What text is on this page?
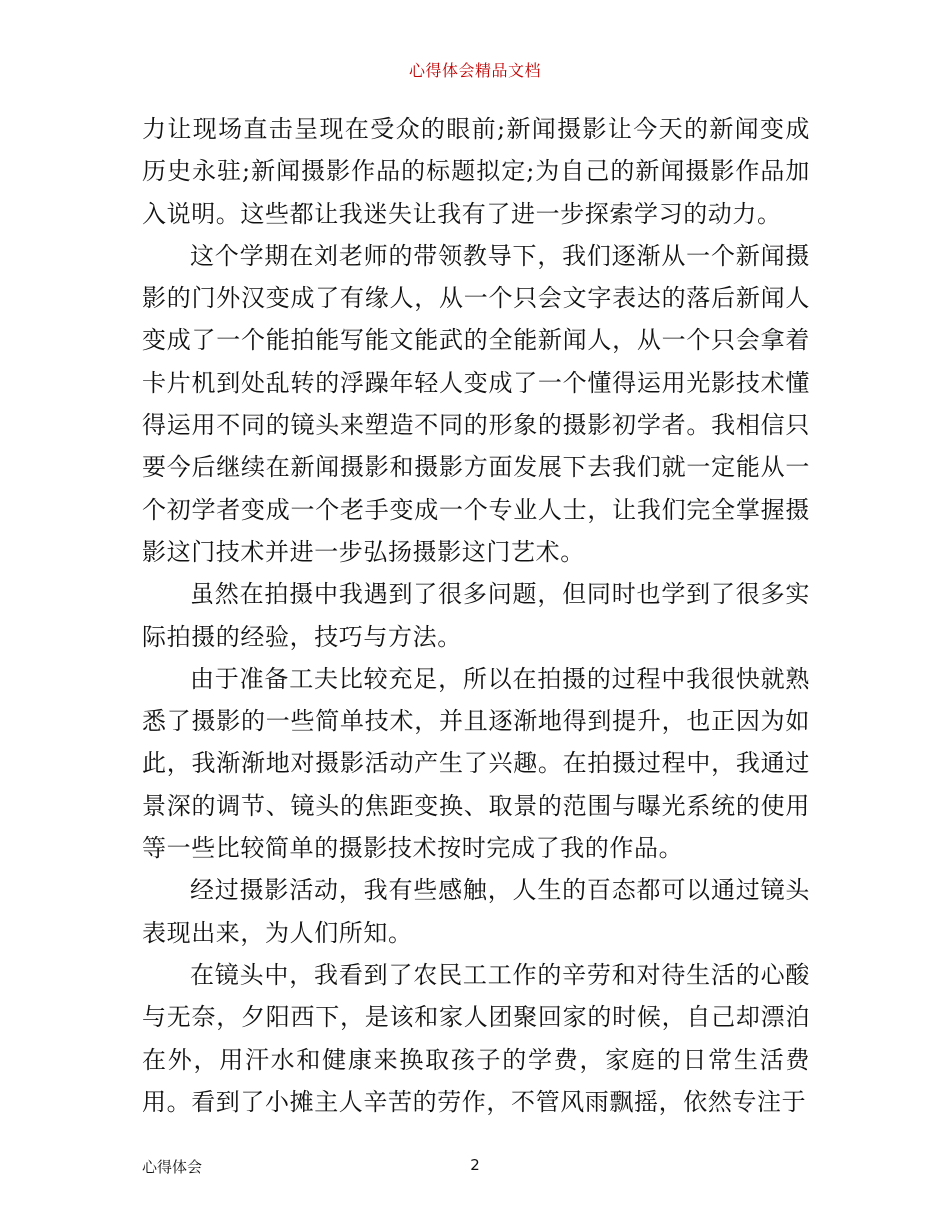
心得体会精品文档

力让现场直击呈现在受众的眼前;新闻摄影让今天的新闻变成历史永驻;新闻摄影作品的标题拟定;为自己的新闻摄影作品加入说明。这些都让我迷失让我有了进一步探索学习的动力。

这个学期在刘老师的带领教导下，我们逐渐从一个新闻摄影的门外汉变成了有缘人，从一个只会文字表达的落后新闻人变成了一个能拍能写能文能武的全能新闻人，从一个只会拿着卡片机到处乱转的浮躁年轻人变成了一个懂得运用光影技术懂得运用不同的镜头来塑造不同的形象的摄影初学者。我相信只要今后继续在新闻摄影和摄影方面发展下去我们就一定能从一个初学者变成一个老手变成一个专业人士，让我们完全掌握摄影这门技术并进一步弘扬摄影这门艺术。

虽然在拍摄中我遇到了很多问题，但同时也学到了很多实际拍摄的经验，技巧与方法。

由于准备工夫比较充足，所以在拍摄的过程中我很快就熟悉了摄影的一些简单技术，并且逐渐地得到提升，也正因为如此，我渐渐地对摄影活动产生了兴趣。在拍摄过程中，我通过景深的调节、镜头的焦距变换、取景的范围与曝光系统的使用等一些比较简单的摄影技术按时完成了我的作品。

经过摄影活动，我有些感触，人生的百态都可以通过镜头表现出来，为人们所知。

在镜头中，我看到了农民工工作的辛劳和对待生活的心酸与无奈，夕阳西下，是该和家人团聚回家的时候，自己却漂泊在外，用汗水和健康来换取孩子的学费，家庭的日常生活费用。看到了小摊主人辛苦的劳作，不管风雨飘摇，依然专注于

心得体会	2
